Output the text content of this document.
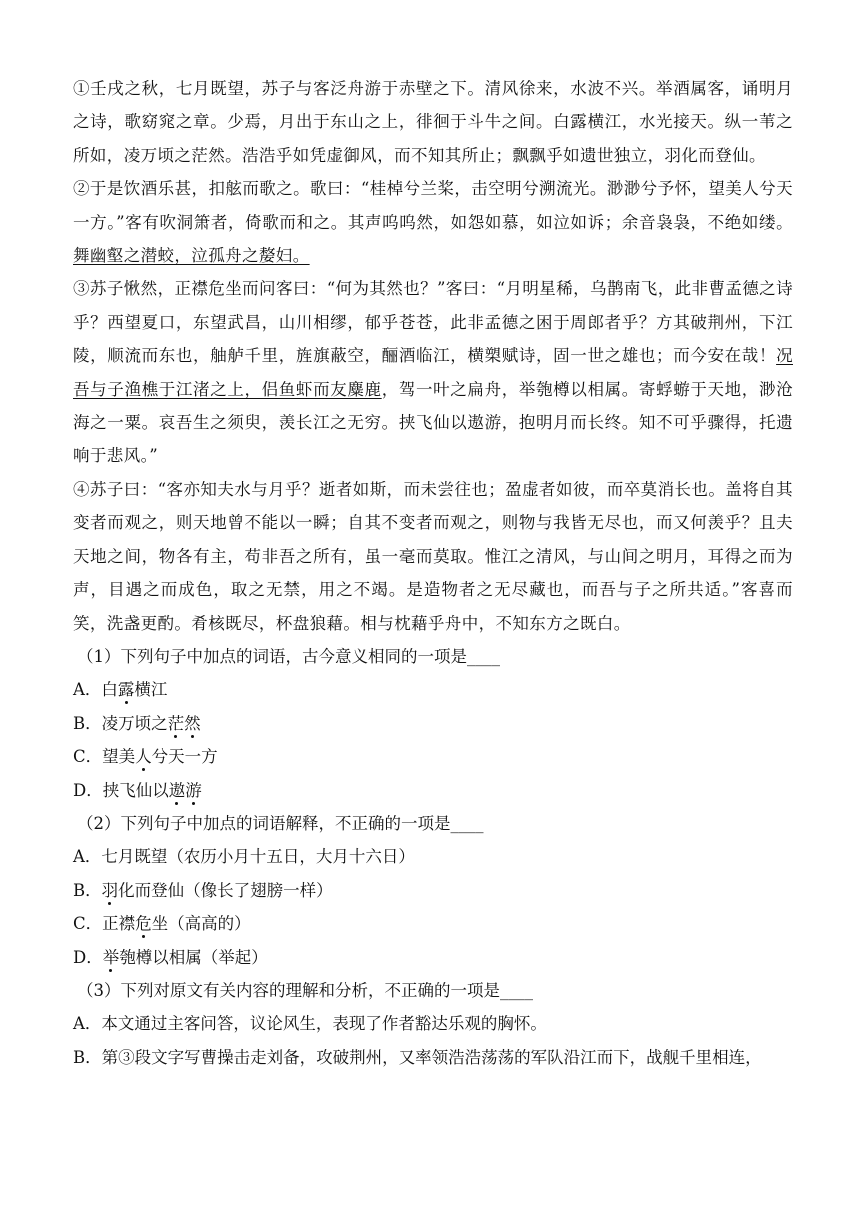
①壬戌之秋，七月既望，苏子与客泛舟游于赤壁之下。清风徐来，水波不兴。举酒属客，诵明月之诗，歌窈窕之章。少焉，月出于东山之上，徘徊于斗牛之间。白露横江，水光接天。纵一苇之所如，凌万顷之茫然。浩浩乎如凭虚御风，而不知其所止；飘飘乎如遗世独立，羽化而登仙。

②于是饮酒乐甚，扣舷而歌之。歌曰：“桂棹兮兰桨，击空明兮溯流光。渺渺兮予怀，望美人兮天一方。”客有吹洞箫者，倚歌而和之。其声呜呜然，如怨如慕，如泣如诉；余音袅袅，不绝如缕。舞幽壑之潜蛟，泣孤舟之嫠妇。

③苏子愀然，正襟危坐而问客曰：“何为其然也？”客曰：“月明星稀，乌鹊南飞，此非曹孟德之诗乎？西望夏口，东望武昌，山川相缪，郁乎苍苍，此非孟德之困于周郎者乎？方其破荆州，下江陵，顺流而东也，舳舻千里，旌旗蔽空，酾酒临江，横槊赋诗，固一世之雄也；而今安在哉！况吾与子渔樵于江渚之上，侣鱼虾而友麋鹿，驾一叶之扁舟，举匏樽以相属。寄蜉蝣于天地，渺沧海之一粟。哀吾生之须臾，羡长江之无穷。挟飞仙以遨游，抱明月而长终。知不可乎骤得，托遗响于悲风。”

④苏子曰：“客亦知夫水与月乎？逝者如斯，而未尝往也；盈虚者如彼，而卒莫消长也。盖将自其变者而观之，则天地曾不能以一瞬；自其不变者而观之，则物与我皆无尽也，而又何羡乎？且夫天地之间，物各有主，苟非吾之所有，虽一毫而莫取。惟江之清风，与山间之明月，耳得之而为声，目遇之而成色，取之无禁，用之不竭。是造物者之无尽藏也，而吾与子之所共适。”客喜而笑，洗盏更酌。肴核既尽，杯盘狼藉。相与枕藉乎舟中，不知东方之既白。

（1）下列句子中加点的词语，古今意义相同的一项是____

A．白露横江

B．凌万顷之茫然

C．望美人兮天一方

D．挟飞仙以遨游

（2）下列句子中加点的词语解释，不正确的一项是____

A．七月既望（农历小月十五日，大月十六日）

B．羽化而登仙（像长了翅膀一样）

C．正襟危坐（高高的）

D．举匏樽以相属（举起）

（3）下列对原文有关内容的理解和分析，不正确的一项是____

A．本文通过主客问答，议论风生，表现了作者豁达乐观的胸怀。

B．第③段文字写曹操击走刘备，攻破荆州，又率领浩浩荡荡的军队沿江而下，战舰千里相连，
